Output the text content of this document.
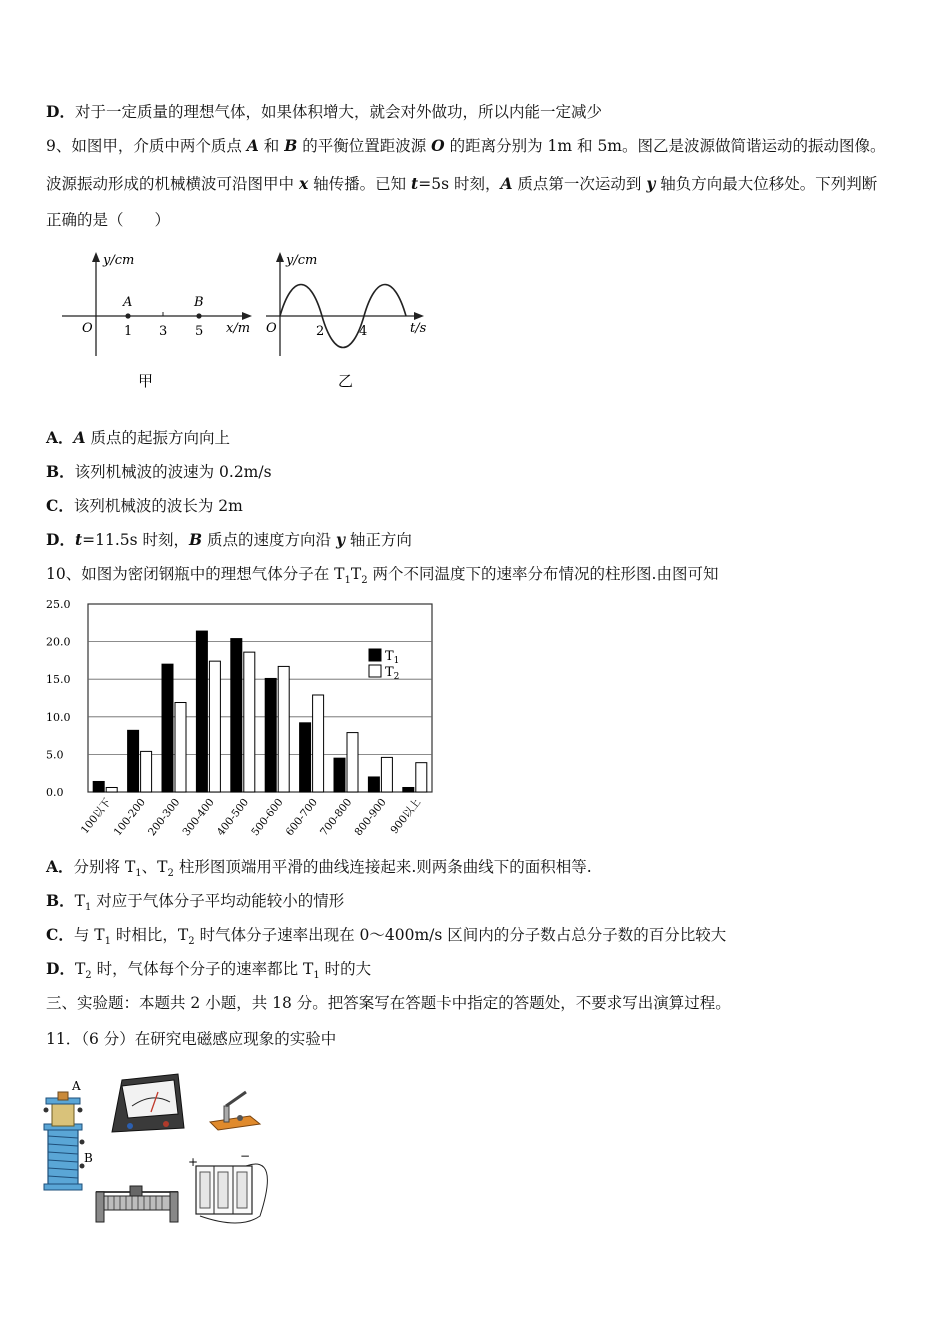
D．对于一定质量的理想气体，如果体积增大，就会对外做功，所以内能一定减少
9、如图甲，介质中两个质点 A 和 B 的平衡位置距波源 O 的距离分别为 1m 和 5m。图乙是波源做简谐运动的振动图像。
波源振动形成的机械横波可沿图甲中 x 轴传播。已知 t=5s 时刻，A 质点第一次运动到 y 轴负方向最大位移处。下列判断
正确的是（　　）
y/cm
x/m
O
A	B
1 3 5
甲
y/cm
t/s
O	2	4
乙
A．A 质点的起振方向向上
B．该列机械波的波速为 0.2m/s
C．该列机械波的波长为 2m
D．t=11.5s 时刻，B 质点的速度方向沿 y 轴正方向
10、如图为密闭钢瓶中的理想气体分子在 $T_1T_2$ 两个不同温度下的速率分布情况的柱形图.由图可知
0.0
5.0
10.0
15.0
20.0
25.0
100以下
100-200
200-300
300-400
400-500
500-600
600-700
700-800
800-900 900以上
$T_1$
$T_2$
A．分别将 $T_1$、$T_2$ 柱形图顶端用平滑的曲线连接起来.则两条曲线下的面积相等.
B．$T_1$ 对应于气体分子平均动能较小的情形
C．与 $T_1$ 时相比，$T_2$ 时气体分子速率出现在 0～400m/s 区间内的分子数占总分子数的百分比较大
D．$T_2$ 时，气体每个分子的速率都比 $T_1$ 时的大
三、实验题：本题共 2 小题，共 18 分。把答案写在答题卡中指定的答题处，不要求写出演算过程。
11．（6 分）在研究电磁感应现象的实验中
A
B	+	−
